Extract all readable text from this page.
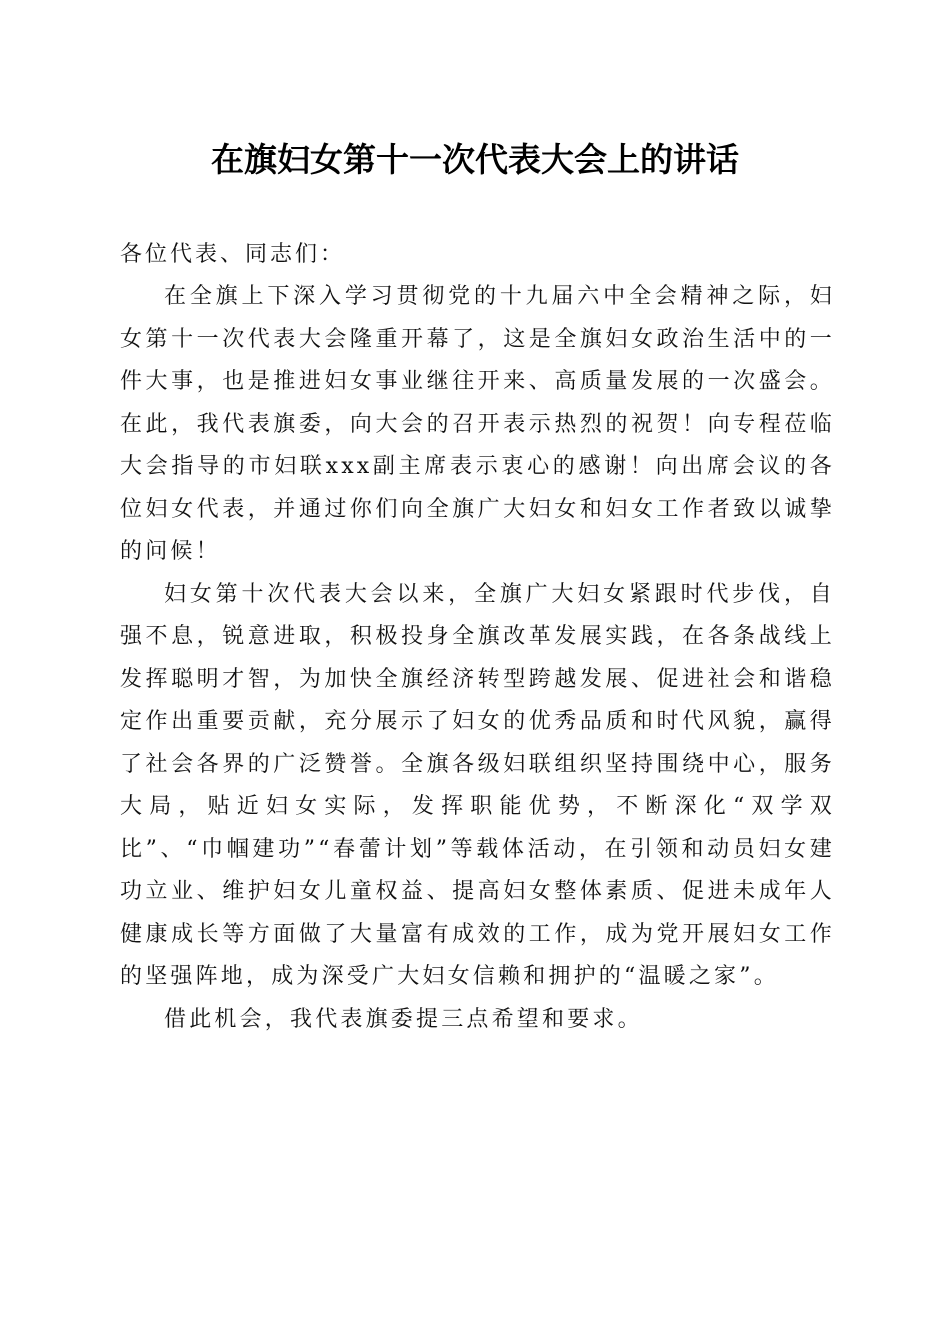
在旗妇女第十一次代表大会上的讲话

各位代表、同志们：

在全旗上下深入学习贯彻党的十九届六中全会精神之际，妇女第十一次代表大会隆重开幕了，这是全旗妇女政治生活中的一件大事，也是推进妇女事业继往开来、高质量发展的一次盛会。在此，我代表旗委，向大会的召开表示热烈的祝贺！向专程莅临大会指导的市妇联xxx副主席表示衷心的感谢！向出席会议的各位妇女代表，并通过你们向全旗广大妇女和妇女工作者致以诚挚的问候！

妇女第十次代表大会以来，全旗广大妇女紧跟时代步伐，自强不息，锐意进取，积极投身全旗改革发展实践，在各条战线上发挥聪明才智，为加快全旗经济转型跨越发展、促进社会和谐稳定作出重要贡献，充分展示了妇女的优秀品质和时代风貌，赢得了社会各界的广泛赞誉。全旗各级妇联组织坚持围绕中心，服务大局，贴近妇女实际，发挥职能优势，不断深化“双学双比”、“巾帼建功”“春蕾计划”等载体活动，在引领和动员妇女建功立业、维护妇女儿童权益、提高妇女整体素质、促进未成年人健康成长等方面做了大量富有成效的工作，成为党开展妇女工作的坚强阵地，成为深受广大妇女信赖和拥护的“温暖之家”。

借此机会，我代表旗委提三点希望和要求。
